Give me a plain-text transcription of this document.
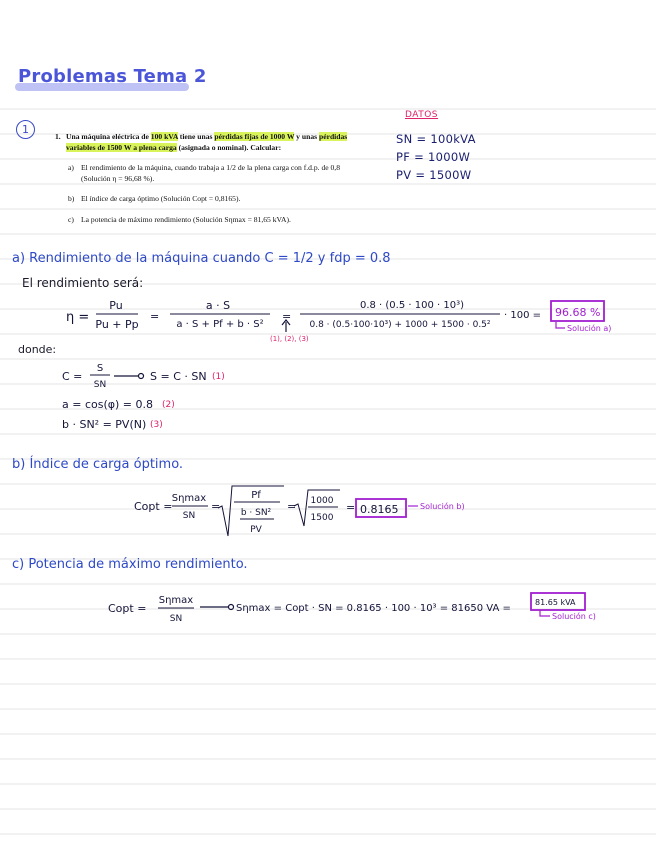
Problemas Tema 2
1
1. Una máquina eléctrica de 100 kVA tiene unas pérdidas fijas de 1000 W y unas pérdidas variables de 1500 W a plena carga (asignada o nominal). Calcular:
a) El rendimiento de la máquina, cuando trabaja a 1/2 de la plena carga con f.d.p. de 0,8 (Solución η = 96,68 %).
b) El índice de carga óptimo (Solución Copt = 0,8165).
c) La potencia de máximo rendimiento (Solución Sηmax = 81,65 kVA).
DATOS
SN = 100kVA
PF = 1000W
PV = 1500W
a) Rendimiento de la máquina cuando C = 1/2 y fdp = 0.8
El rendimiento será:
η =
Pu
Pu + Pp
=
a · S
a · S + Pf + b · S²
=
0.8 · (0.5 · 100 · 10³)
0.8 · (0.5·100·10³) + 1000 + 1500 · 0.5²
· 100 =
(1), (2), (3)
96.68 %
Solución a)
donde:
C =
S
SN
S = C · SN
a = cos(φ) = 0.8
b · SN² = PV(N)
(1)
(2)
(3)
b) Índice de carga óptimo.
Copt =
Sηmax
SN
=
Pf
b · SN²
PV
= 1000
1500
= 0.8165	Solución b)
c) Potencia de máximo rendimiento.
Copt =
Sηmax
SN
Sηmax = Copt · SN = 0.8165 · 100 · 10³ = 81650 VA =
81.65 kVA
Solución c)
